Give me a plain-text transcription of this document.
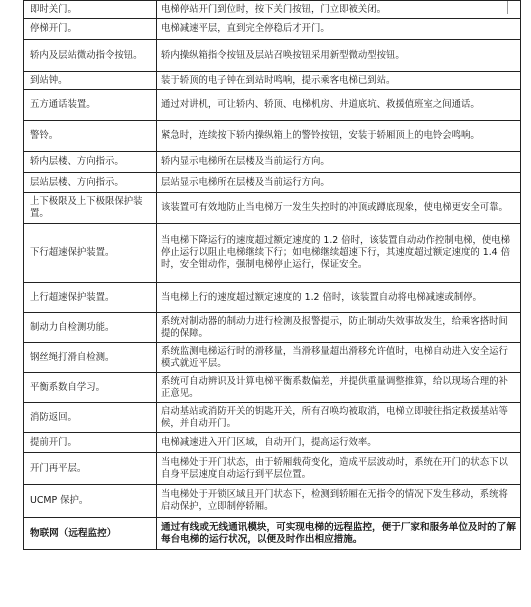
即时关门。	电梯停站开门到位时，按下关门按钮，门立即被关闭。
停梯开门。	电梯减速平层，直到完全停稳后才开门。
轿内及层站微动指令按钮。	轿内操纵箱指令按钮及层站召唤按钮采用新型微动型按钮。
到站钟。	装于轿顶的电子钟在到站时鸣响，提示乘客电梯已到站。
五方通话装置。	通过对讲机，可让轿内、轿顶、电梯机房、井道底坑、救援值班室之间通话。
警铃。	紧急时，连续按下轿内操纵箱上的警铃按钮，安装于轿厢顶上的电铃会鸣响。
轿内层楼、方向指示。	轿内显示电梯所在层楼及当前运行方向。
层站层楼、方向指示。	层站显示电梯所在层楼及当前运行方向。
上下极限及上下极限保护装置。	该装置可有效地防止当电梯万一发生失控时的冲顶或蹲底现象，使电梯更安全可靠。
下行超速保护装置。	当电梯下降运行的速度超过额定速度的 1.2 倍时，该装置自动动作控制电梯，使电梯停止运行以阻止电梯继续下行；如电梯继续超速下行，其速度超过额定速度的 1.4 倍时，安全钳动作，强制电梯停止运行，保证安全。
上行超速保护装置。	当电梯上行的速度超过额定速度的 1.2 倍时，该装置自动将电梯减速或制停。
制动力自检测功能。	系统对制动器的制动力进行检测及报警提示，防止制动失效事故发生，给乘客搭时间提的保障。
钢丝绳打滑自检测。	系统监测电梯运行时的滑移量，当滑移量超出滑移允许值时，电梯自动进入安全运行模式就近平层。
平衡系数自学习。	系统可自动辨识及计算电梯平衡系数偏差，并提供重量调整推算，给以现场合理的补正意见。
消防返回。	启动基站或消防开关的钥匙开关，所有召唤均被取消，电梯立即驶往指定救援基站等候，并自动开门。
提前开门。	电梯减速进入开门区域，自动开门，提高运行效率。
开门再平层。	当电梯处于开门状态，由于轿厢载荷变化，造成平层波动时，系统在开门的状态下以自身平层速度自动运行到平层位置。
UCMP 保护。	当电梯处于开锁区域且开门状态下，检测到轿厢在无指令的情况下发生移动，系统将启动保护，立即制停轿厢。
物联网（远程监控）	通过有线或无线通讯模块，可实现电梯的远程监控，便于厂家和服务单位及时的了解每台电梯的运行状况，以便及时作出相应措施。
